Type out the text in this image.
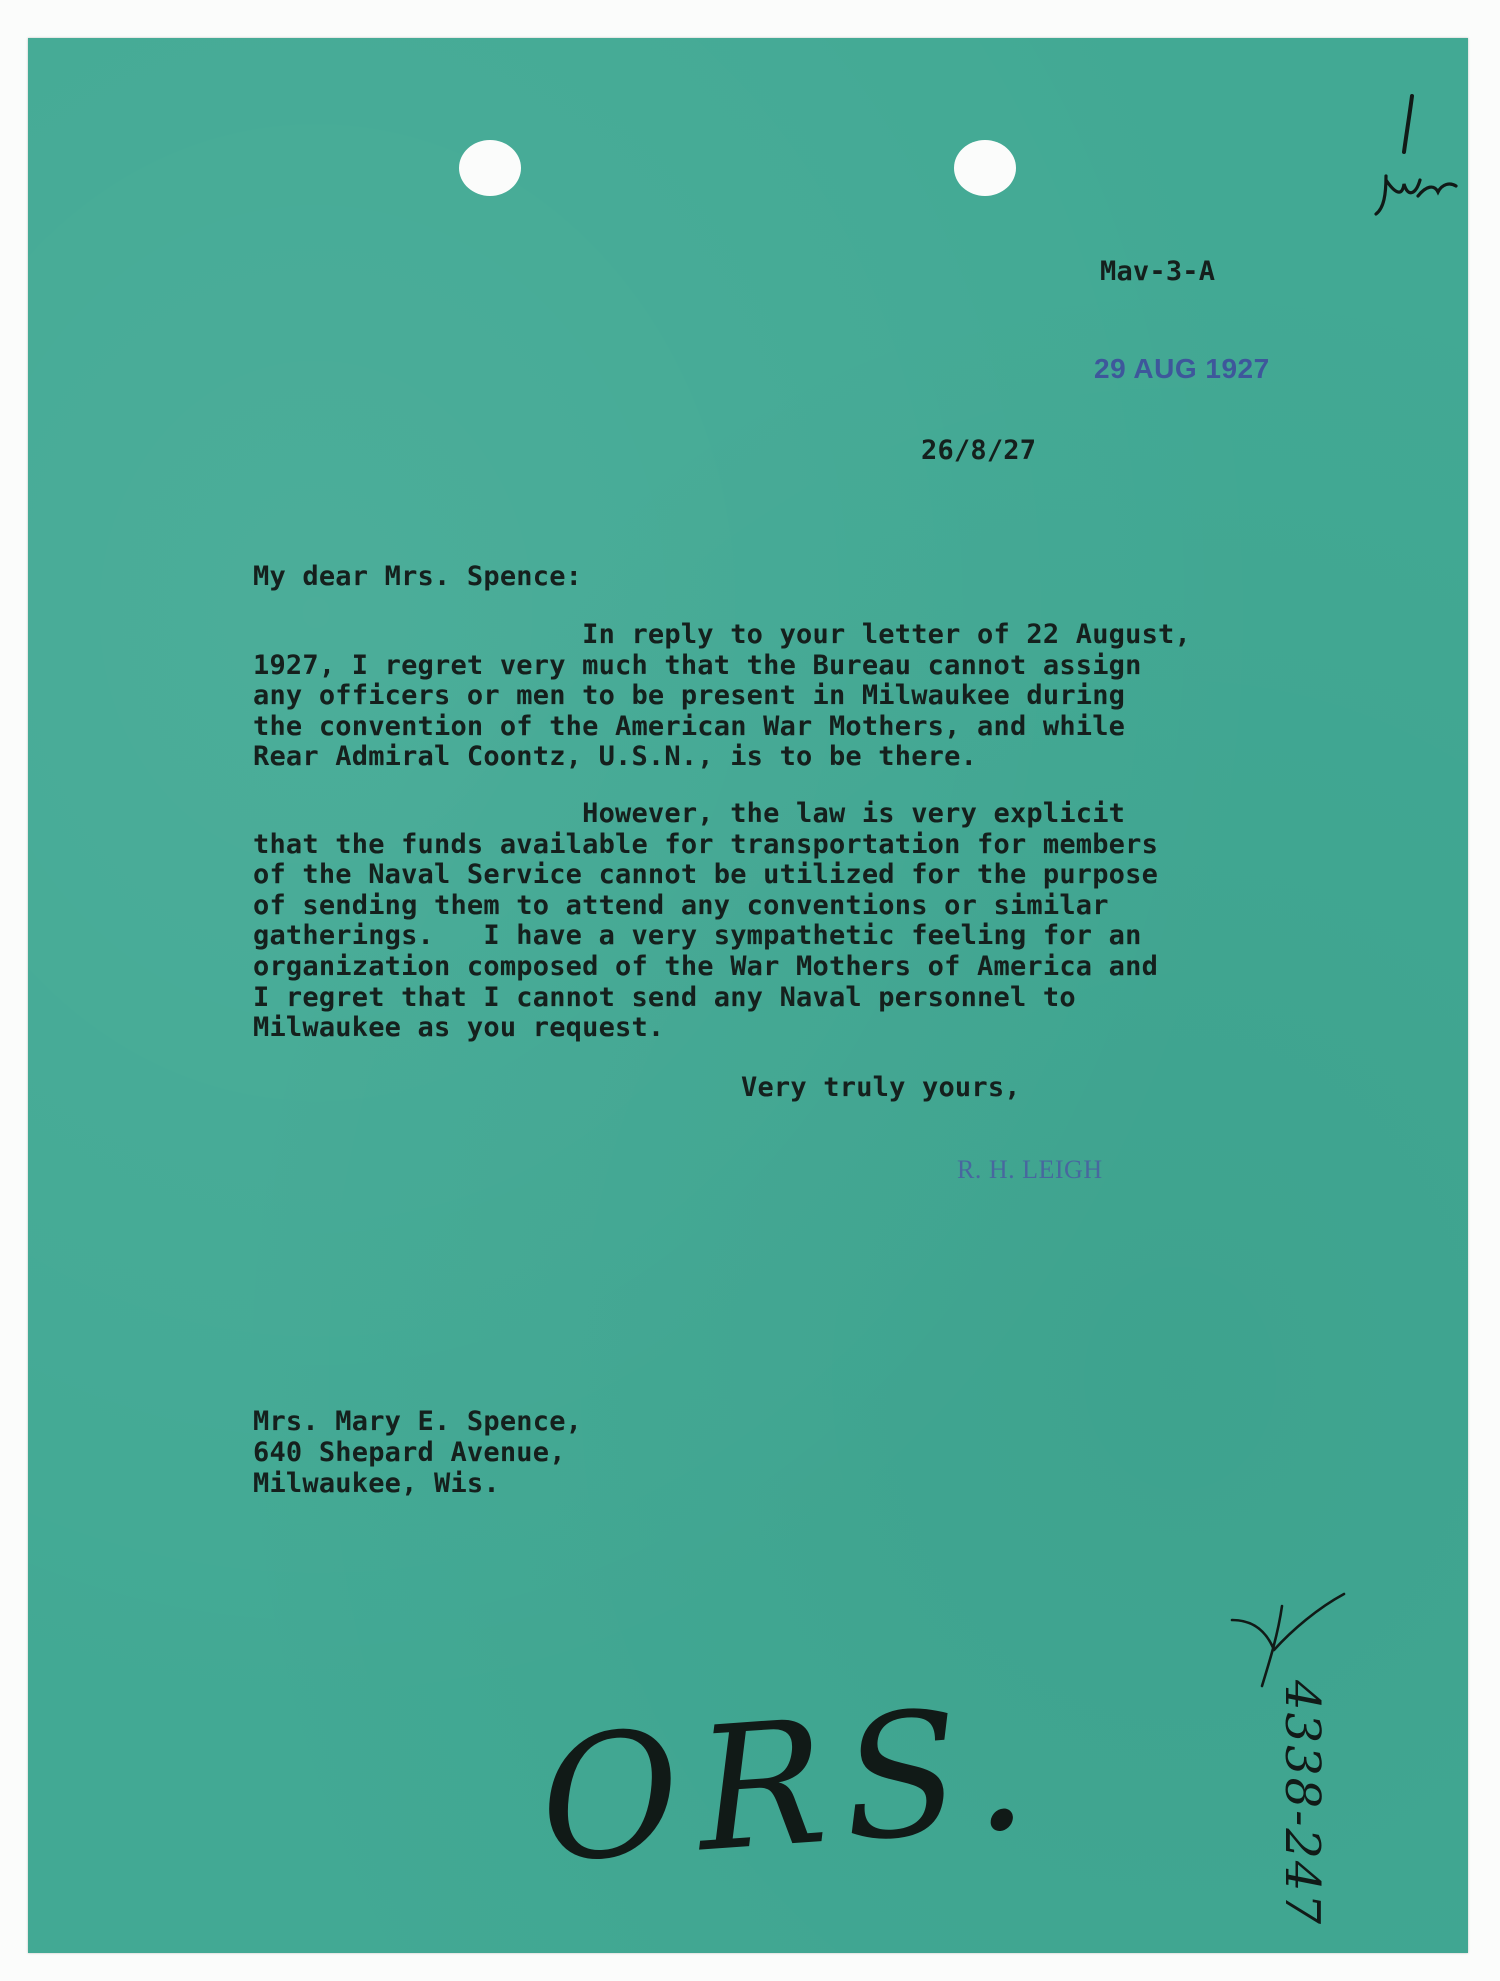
Mav-3-A
29 AUG 1927
26/8/27
My dear Mrs. Spence:
In reply to your letter of 22 August,
1927, I regret very much that the Bureau cannot assign
any officers or men to be present in Milwaukee during
the convention of the American War Mothers, and while
Rear Admiral Coontz, U.S.N., is to be there.
However, the law is very explicit
that the funds available for transportation for members
of the Naval Service cannot be utilized for the purpose
of sending them to attend any conventions or similar
gatherings.   I have a very sympathetic feeling for an
organization composed of the War Mothers of America and
I regret that I cannot send any Naval personnel to
Milwaukee as you request.
Very truly yours,
R. H. LEIGH
Mrs. Mary E. Spence,
640 Shepard Avenue,
Milwaukee, Wis.
4338-247
ORS.
